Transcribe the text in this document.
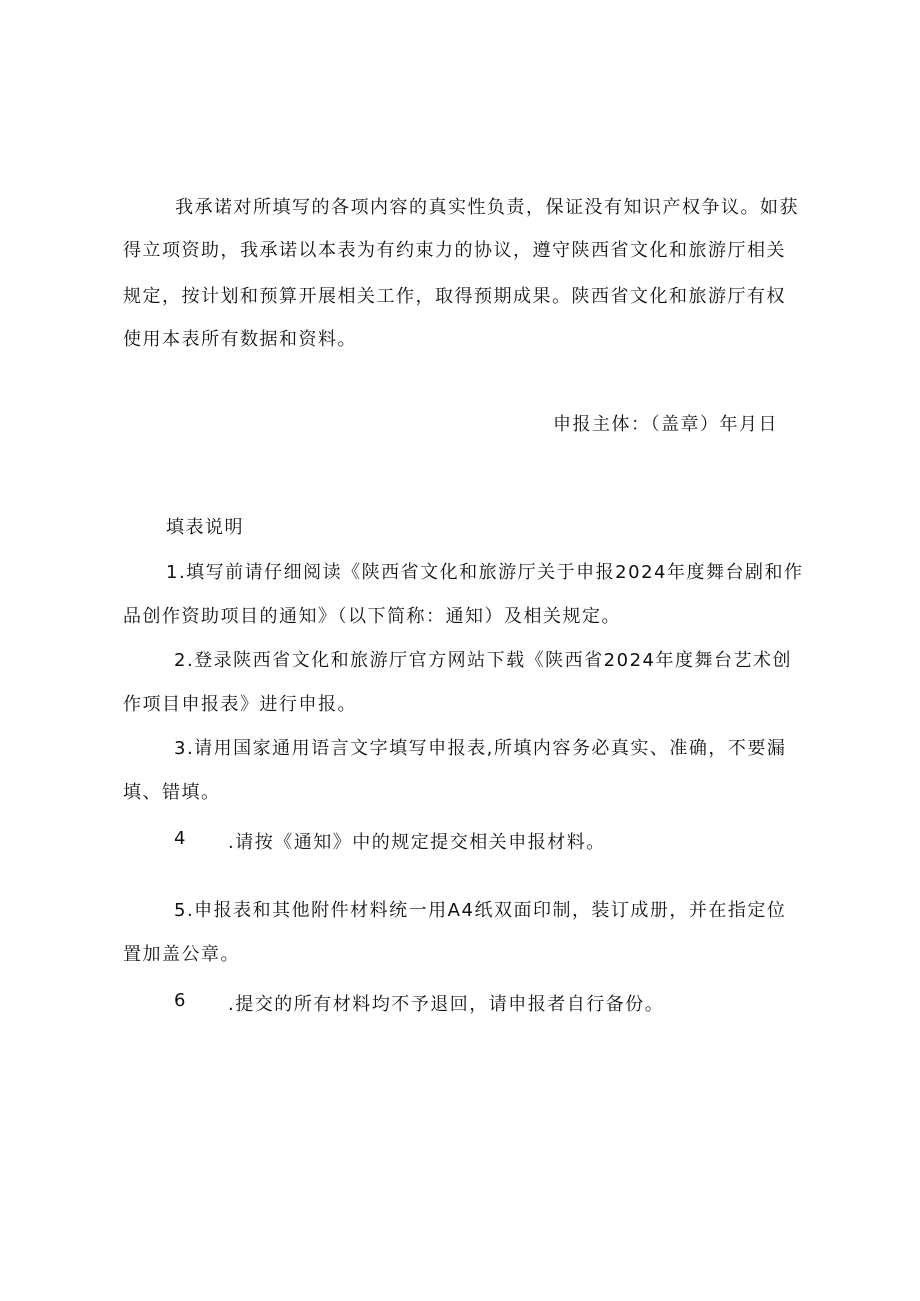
我承诺对所填写的各项内容的真实性负责，保证没有知识产权争议。如获

得立项资助，我承诺以本表为有约束力的协议，遵守陕西省文化和旅游厅相关

规定，按计划和预算开展相关工作，取得预期成果。陕西省文化和旅游厅有权

使用本表所有数据和资料。

申报主体：（盖章）年月日

填表说明

1.填写前请仔细阅读《陕西省文化和旅游厅关于申报2024年度舞台剧和作

品创作资助项目的通知》（以下简称：通知）及相关规定。

2.登录陕西省文化和旅游厅官方网站下载《陕西省2024年度舞台艺术创

作项目申报表》进行申报。

3.请用国家通用语言文字填写申报表,所填内容务必真实、准确，不要漏

填、错填。

4 .请按《通知》中的规定提交相关申报材料。

5.申报表和其他附件材料统一用A4纸双面印制，装订成册，并在指定位

置加盖公章。

6 .提交的所有材料均不予退回，请申报者自行备份。
